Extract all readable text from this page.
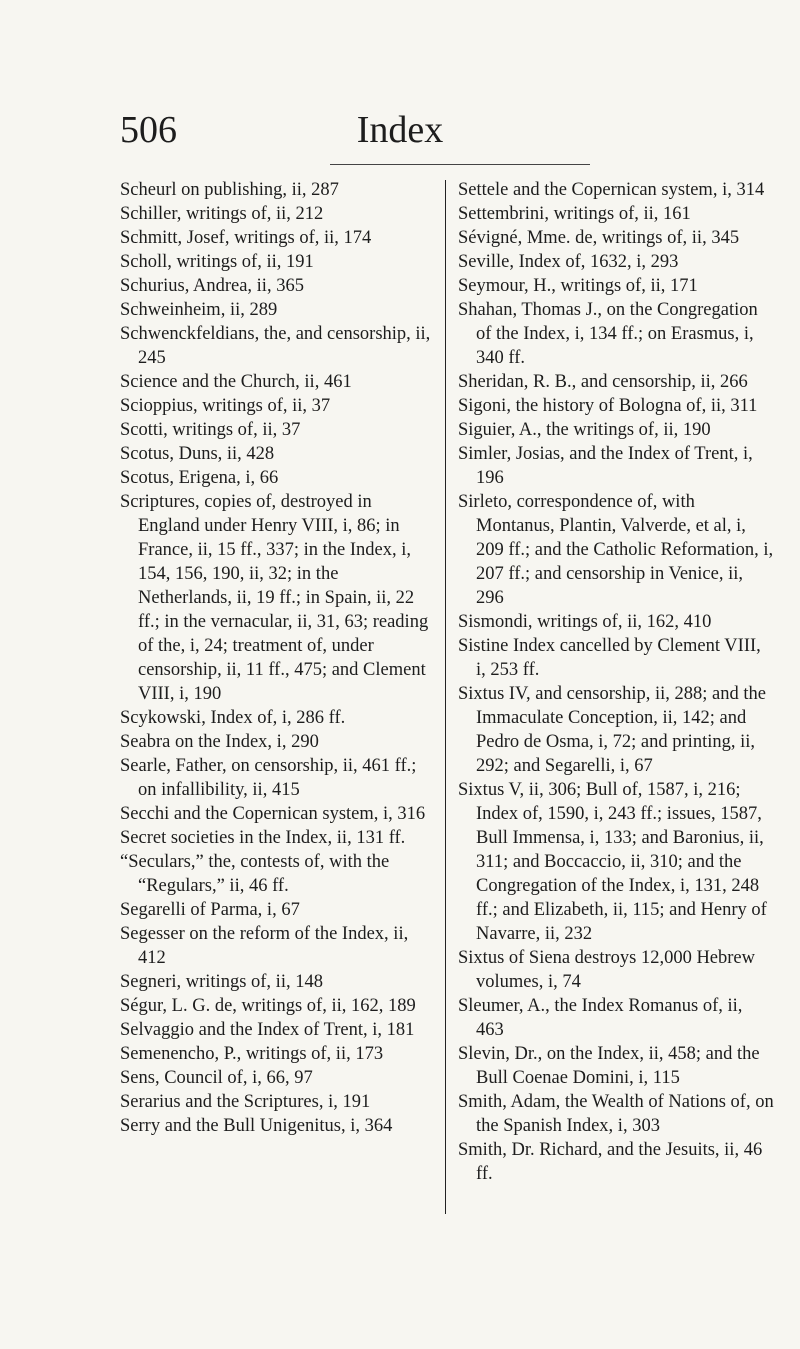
506	Index

Scheurl on publishing, ii, 287

Schiller, writings of, ii, 212

Schmitt, Josef, writings of, ii, 174

Scholl, writings of, ii, 191

Schurius, Andrea, ii, 365

Schweinheim, ii, 289

Schwenckfeldians, the, and censorship, ii, 245

Science and the Church, ii, 461

Scioppius, writings of, ii, 37

Scotti, writings of, ii, 37

Scotus, Duns, ii, 428

Scotus, Erigena, i, 66

Scriptures, copies of, destroyed in England under Henry VIII, i, 86; in France, ii, 15 ff., 337; in the Index, i, 154, 156, 190, ii, 32; in the Netherlands, ii, 19 ff.; in Spain, ii, 22 ff.; in the vernacular, ii, 31, 63; reading of the, i, 24; treatment of, under censorship, ii, 11 ff., 475; and Clement VIII, i, 190

Scykowski, Index of, i, 286 ff.

Seabra on the Index, i, 290

Searle, Father, on censorship, ii, 461 ff.; on infallibility, ii, 415

Secchi and the Copernican system, i, 316

Secret societies in the Index, ii, 131 ff.

“Seculars,” the, contests of, with the “Regulars,” ii, 46 ff.

Segarelli of Parma, i, 67

Segesser on the reform of the Index, ii, 412

Segneri, writings of, ii, 148

Ségur, L. G. de, writings of, ii, 162, 189

Selvaggio and the Index of Trent, i, 181

Semenencho, P., writings of, ii, 173

Sens, Council of, i, 66, 97

Serarius and the Scriptures, i, 191

Serry and the Bull Unigenitus, i, 364

Settele and the Copernican system, i, 314

Settembrini, writings of, ii, 161

Sévigné, Mme. de, writings of, ii, 345

Seville, Index of, 1632, i, 293

Seymour, H., writings of, ii, 171

Shahan, Thomas J., on the Congregation of the Index, i, 134 ff.; on Erasmus, i, 340 ff.

Sheridan, R. B., and censorship, ii, 266

Sigoni, the history of Bologna of, ii, 311

Siguier, A., the writings of, ii, 190

Simler, Josias, and the Index of Trent, i, 196

Sirleto, correspondence of, with Montanus, Plantin, Valverde, et al, i, 209 ff.; and the Catholic Reformation, i, 207 ff.; and censorship in Venice, ii, 296

Sismondi, writings of, ii, 162, 410

Sistine Index cancelled by Clement VIII, i, 253 ff.

Sixtus IV, and censorship, ii, 288; and the Immaculate Conception, ii, 142; and Pedro de Osma, i, 72; and printing, ii, 292; and Segarelli, i, 67

Sixtus V, ii, 306; Bull of, 1587, i, 216; Index of, 1590, i, 243 ff.; issues, 1587, Bull Immensa, i, 133; and Baronius, ii, 311; and Boccaccio, ii, 310; and the Congregation of the Index, i, 131, 248 ff.; and Elizabeth, ii, 115; and Henry of Navarre, ii, 232

Sixtus of Siena destroys 12,000 Hebrew volumes, i, 74

Sleumer, A., the Index Romanus of, ii, 463

Slevin, Dr., on the Index, ii, 458; and the Bull Coenae Domini, i, 115

Smith, Adam, the Wealth of Nations of, on the Spanish Index, i, 303

Smith, Dr. Richard, and the Jesuits, ii, 46 ff.
